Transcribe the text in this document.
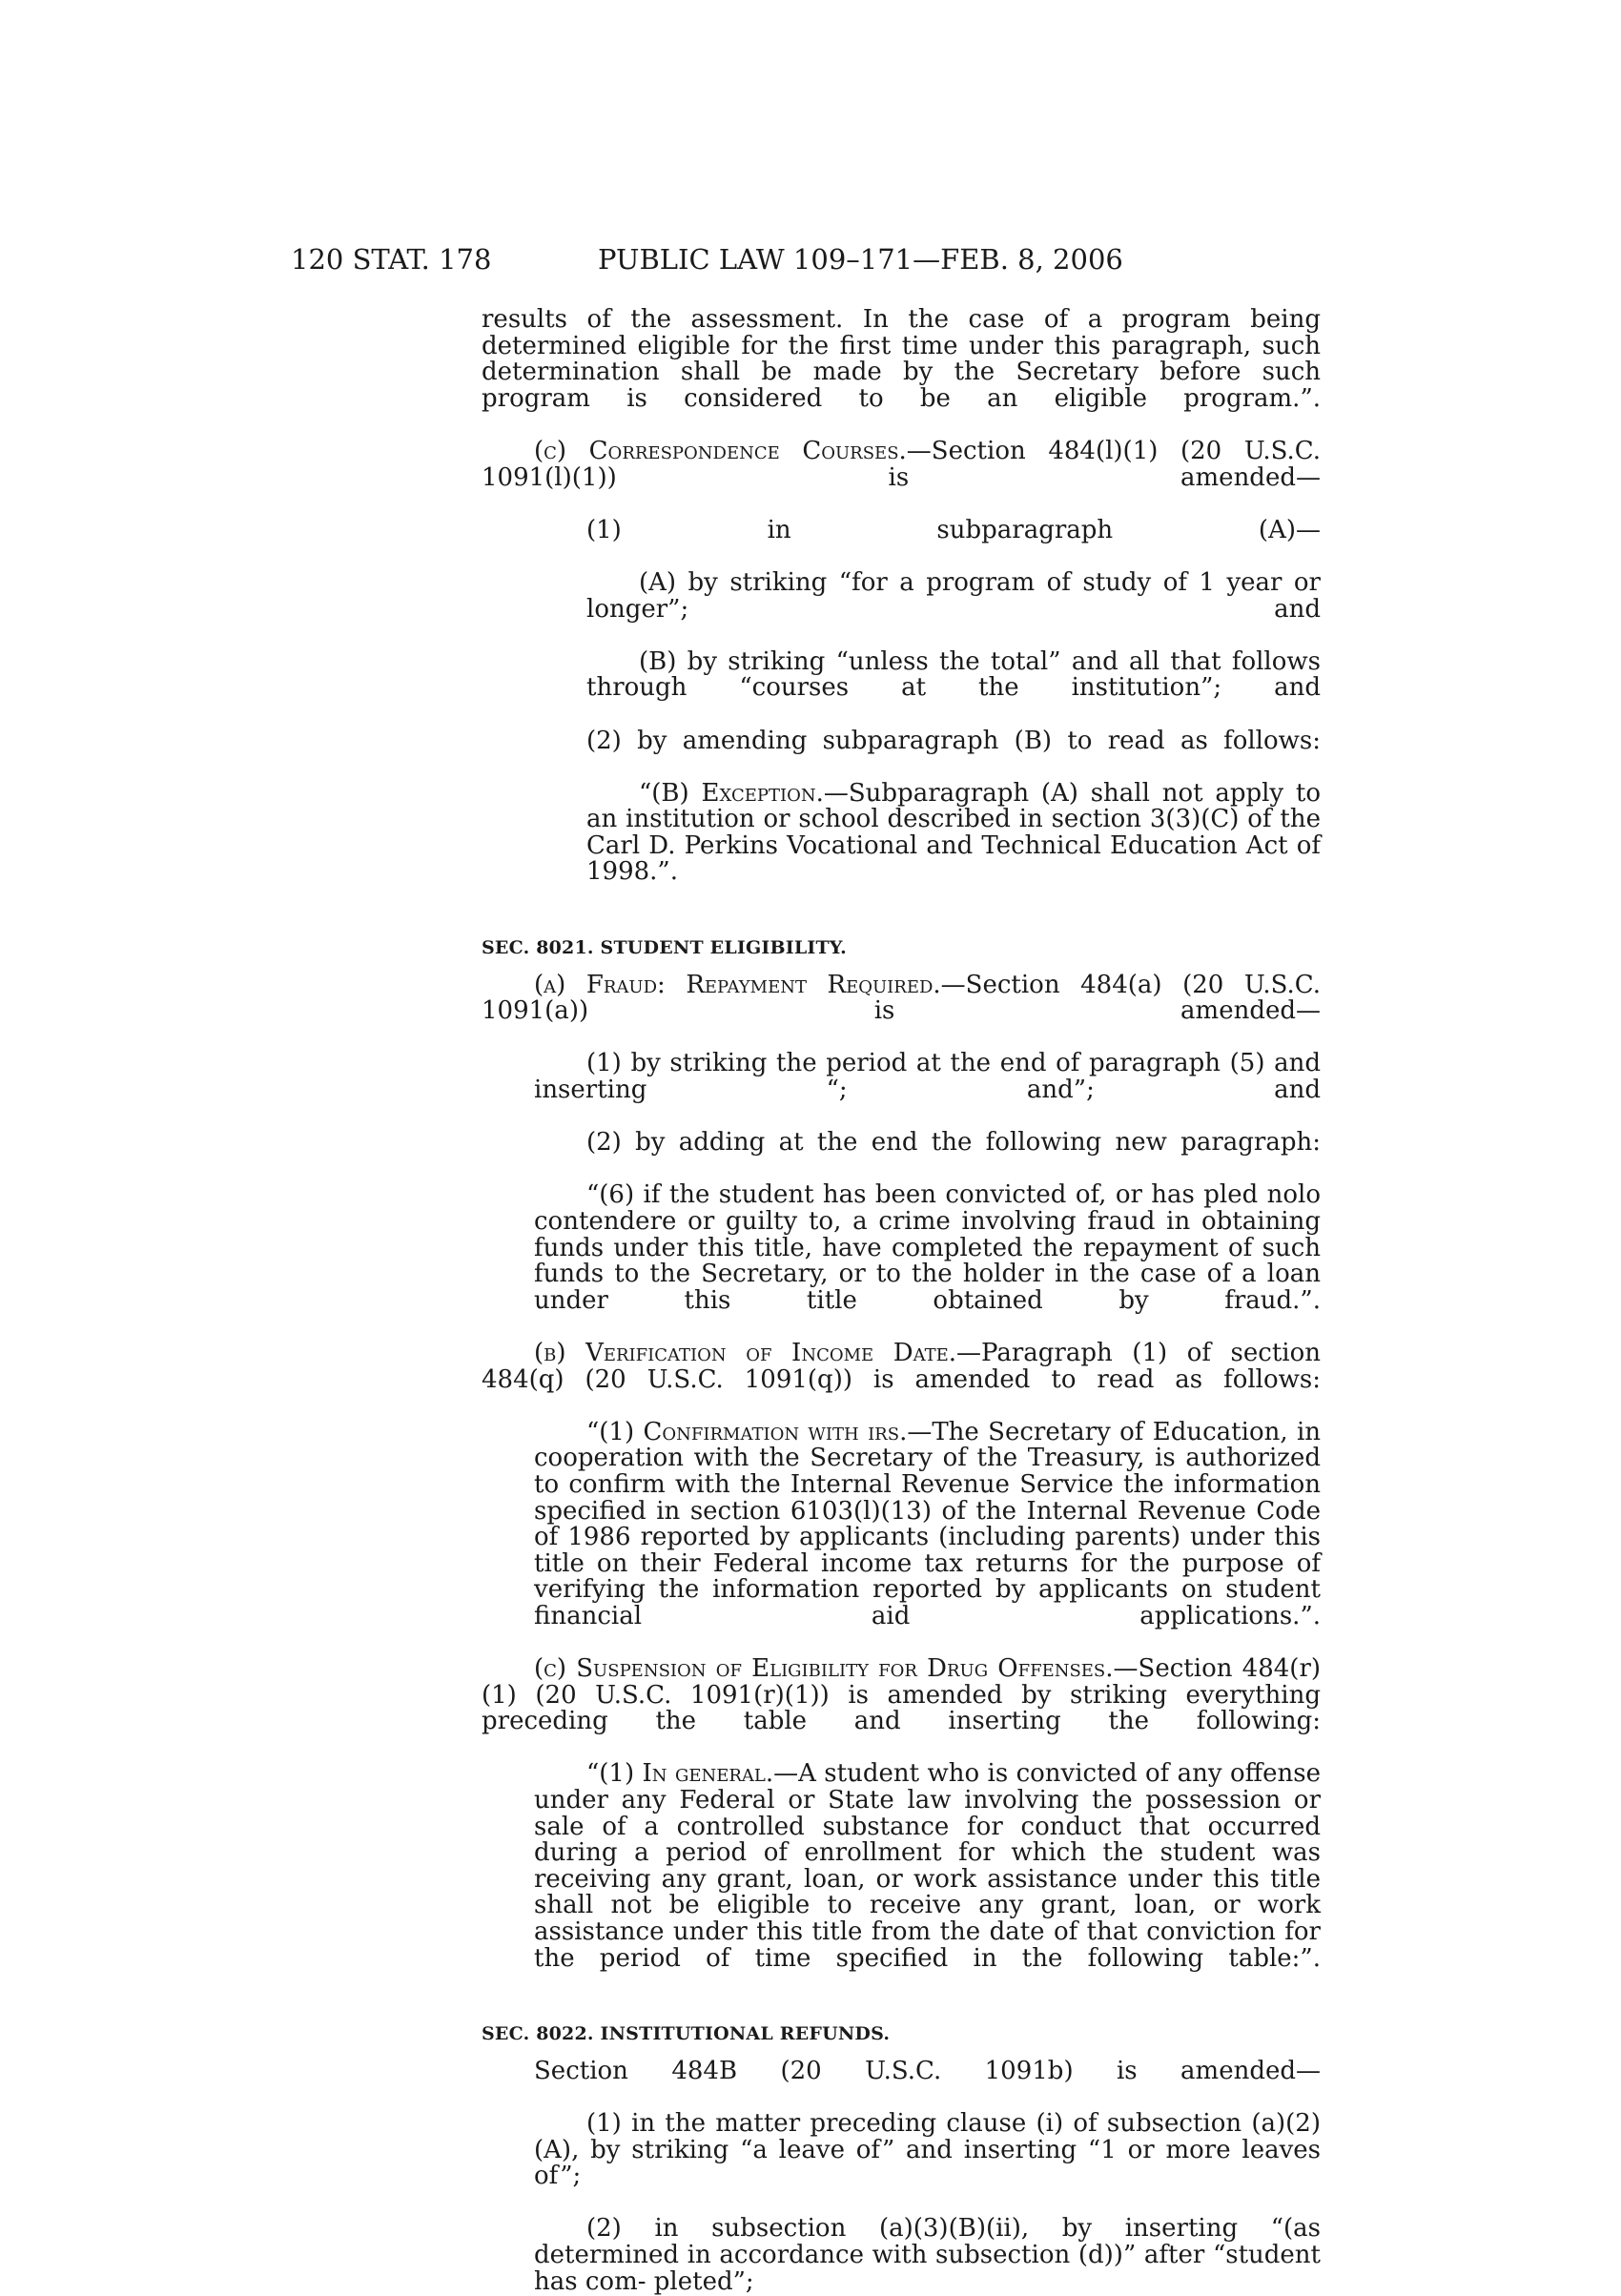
120 STAT. 178	PUBLIC LAW 109–171—FEB. 8, 2006

results of the assessment. In the case of a program being determined eligible for the first time under this paragraph, such determination shall be made by the Secretary before such program is considered to be an eligible program.”.

(c) Correspondence Courses.—Section 484(l)(1) (20 U.S.C. 1091(l)(1)) is amended—

(1) in subparagraph (A)—

(A) by striking “for a program of study of 1 year or longer”; and

(B) by striking “unless the total” and all that follows through “courses at the institution”; and

(2) by amending subparagraph (B) to read as follows:

“(B) Exception.—Subparagraph (A) shall not apply to an institution or school described in section 3(3)(C) of the Carl D. Perkins Vocational and Technical Education Act of 1998.”.

SEC. 8021. STUDENT ELIGIBILITY.

(a) Fraud: Repayment Required.—Section 484(a) (20 U.S.C. 1091(a)) is amended—

(1) by striking the period at the end of paragraph (5) and inserting “; and”; and

(2) by adding at the end the following new paragraph:

“(6) if the student has been convicted of, or has pled nolo contendere or guilty to, a crime involving fraud in obtaining funds under this title, have completed the repayment of such funds to the Secretary, or to the holder in the case of a loan under this title obtained by fraud.”.

(b) Verification of Income Date.—Paragraph (1) of section 484(q) (20 U.S.C. 1091(q)) is amended to read as follows:

“(1) Confirmation with irs.—The Secretary of Education, in cooperation with the Secretary of the Treasury, is authorized to confirm with the Internal Revenue Service the information specified in section 6103(l)(13) of the Internal Revenue Code of 1986 reported by applicants (including parents) under this title on their Federal income tax returns for the purpose of verifying the information reported by applicants on student financial aid applications.”.

(c) Suspension of Eligibility for Drug Offenses.—Section 484(r)(1) (20 U.S.C. 1091(r)(1)) is amended by striking everything preceding the table and inserting the following:

“(1) In general.—A student who is convicted of any offense under any Federal or State law involving the possession or sale of a controlled substance for conduct that occurred during a period of enrollment for which the student was receiving any grant, loan, or work assistance under this title shall not be eligible to receive any grant, loan, or work assistance under this title from the date of that conviction for the period of time specified in the following table:”.

SEC. 8022. INSTITUTIONAL REFUNDS.

Section 484B (20 U.S.C. 1091b) is amended—

(1) in the matter preceding clause (i) of subsection (a)(2)(A), by striking “a leave of” and inserting “1 or more leaves of”;

(2) in subsection (a)(3)(B)(ii), by inserting “(as determined in accordance with subsection (d))” after “student has com- pleted”;
